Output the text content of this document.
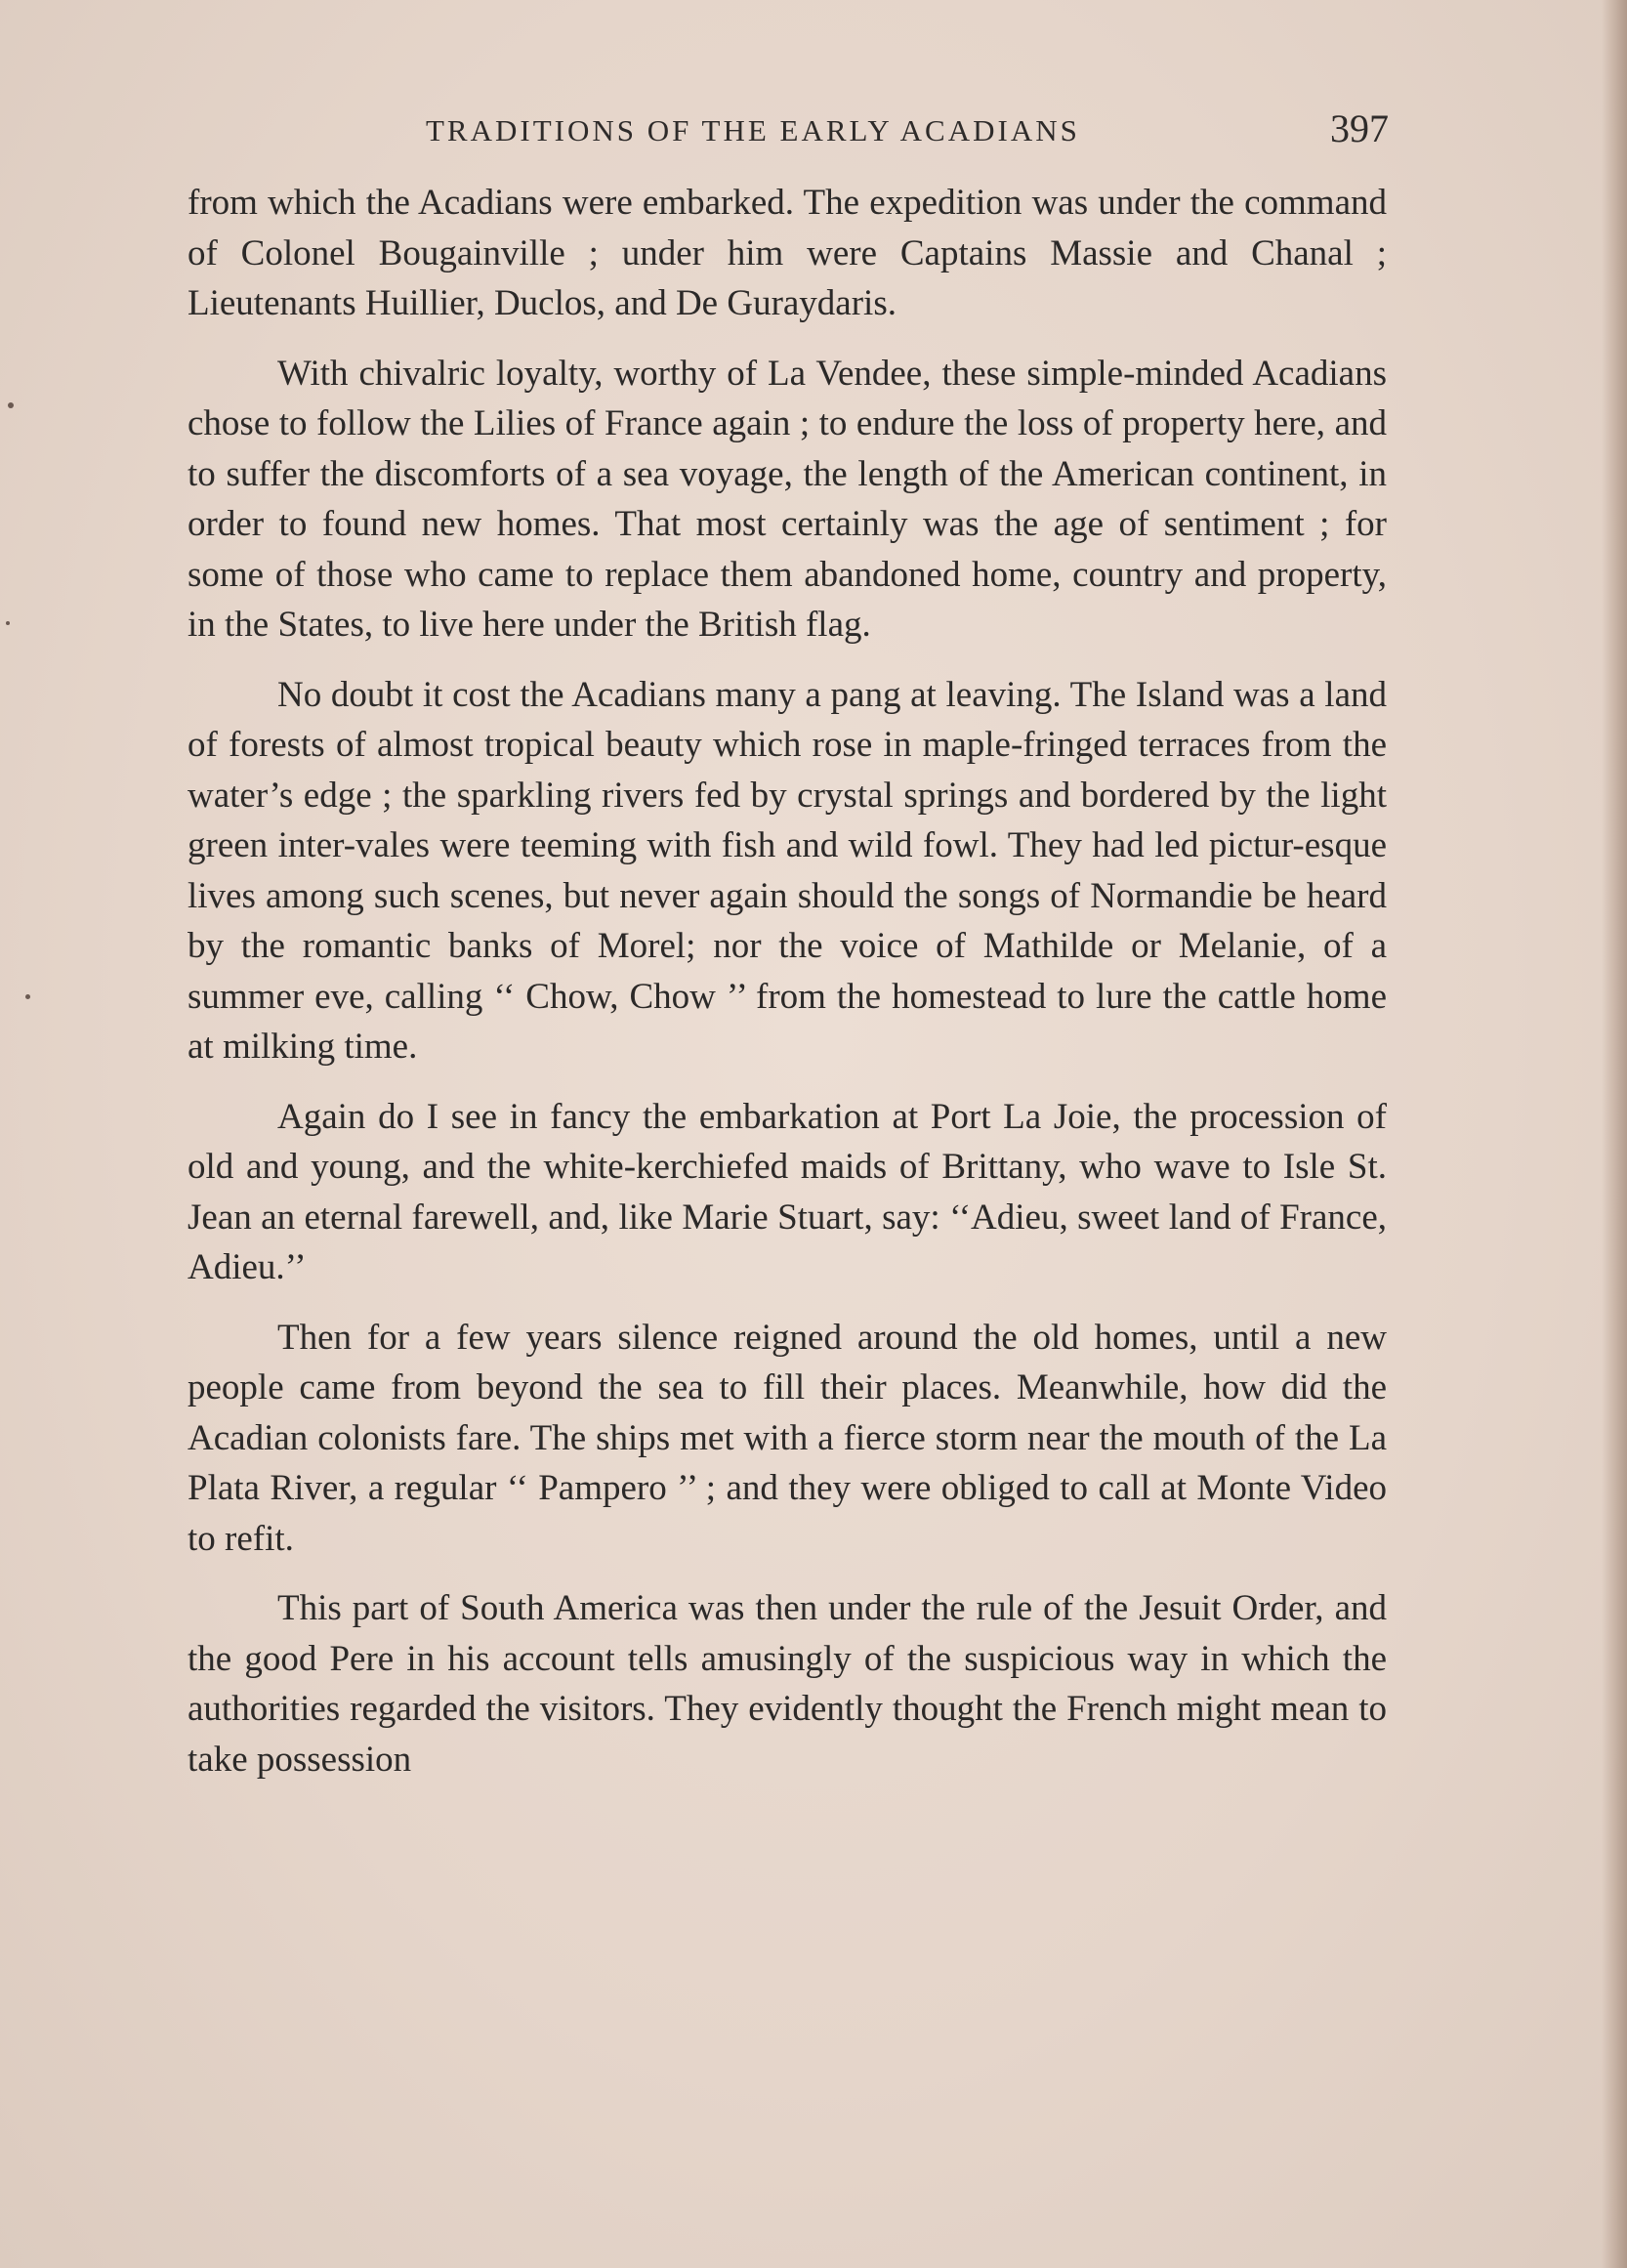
TRADITIONS OF THE EARLY ACADIANS	397

from which the Acadians were embarked. The expedition was under the command of Colonel Bougainville ; under him were Captains Massie and Chanal ; Lieutenants Huillier, Duclos, and De Guraydaris.

With chivalric loyalty, worthy of La Vendee, these simple-minded Acadians chose to follow the Lilies of France again ; to endure the loss of property here, and to suffer the discomforts of a sea voyage, the length of the American continent, in order to found new homes. That most certainly was the age of sentiment ; for some of those who came to replace them abandoned home, country and property, in the States, to live here under the British flag.

No doubt it cost the Acadians many a pang at leaving. The Island was a land of forests of almost tropical beauty which rose in maple-fringed terraces from the water’s edge ; the sparkling rivers fed by crystal springs and bordered by the light green inter-vales were teeming with fish and wild fowl. They had led pictur-esque lives among such scenes, but never again should the songs of Normandie be heard by the romantic banks of Morel; nor the voice of Mathilde or Melanie, of a summer eve, calling ‘‘ Chow, Chow ’’ from the homestead to lure the cattle home at milking time.

Again do I see in fancy the embarkation at Port La Joie, the procession of old and young, and the white-kerchiefed maids of Brittany, who wave to Isle St. Jean an eternal farewell, and, like Marie Stuart, say: ‘‘Adieu, sweet land of France, Adieu.’’

Then for a few years silence reigned around the old homes, until a new people came from beyond the sea to fill their places. Meanwhile, how did the Acadian colonists fare. The ships met with a fierce storm near the mouth of the La Plata River, a regular ‘‘ Pampero ’’ ; and they were obliged to call at Monte Video to refit.

This part of South America was then under the rule of the Jesuit Order, and the good Pere in his account tells amusingly of the suspicious way in which the authorities regarded the visitors. They evidently thought the French might mean to take possession
